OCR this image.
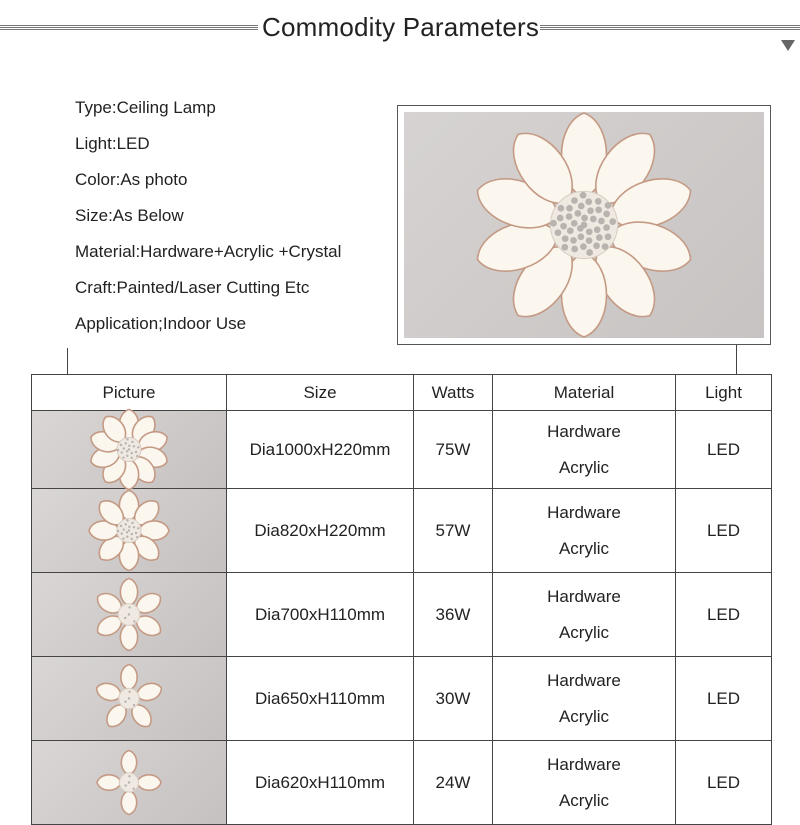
Commodity Parameters
Type:Ceiling Lamp
Light:LED
Color:As photo
Size:As Below
Material:Hardware+Acrylic +Crystal
Craft:Painted/Laser Cutting Etc
Application;Indoor Use
Picture	Size	Watts	Material	Light

	Dia1000xH220mm	75W	Hardware
Acrylic	LED

	Dia820xH220mm	57W	Hardware
Acrylic	LED

	Dia700xH110mm	36W	Hardware
Acrylic	LED

	Dia650xH110mm	30W	Hardware
Acrylic	LED

	Dia620xH110mm	24W	Hardware
Acrylic	LED
